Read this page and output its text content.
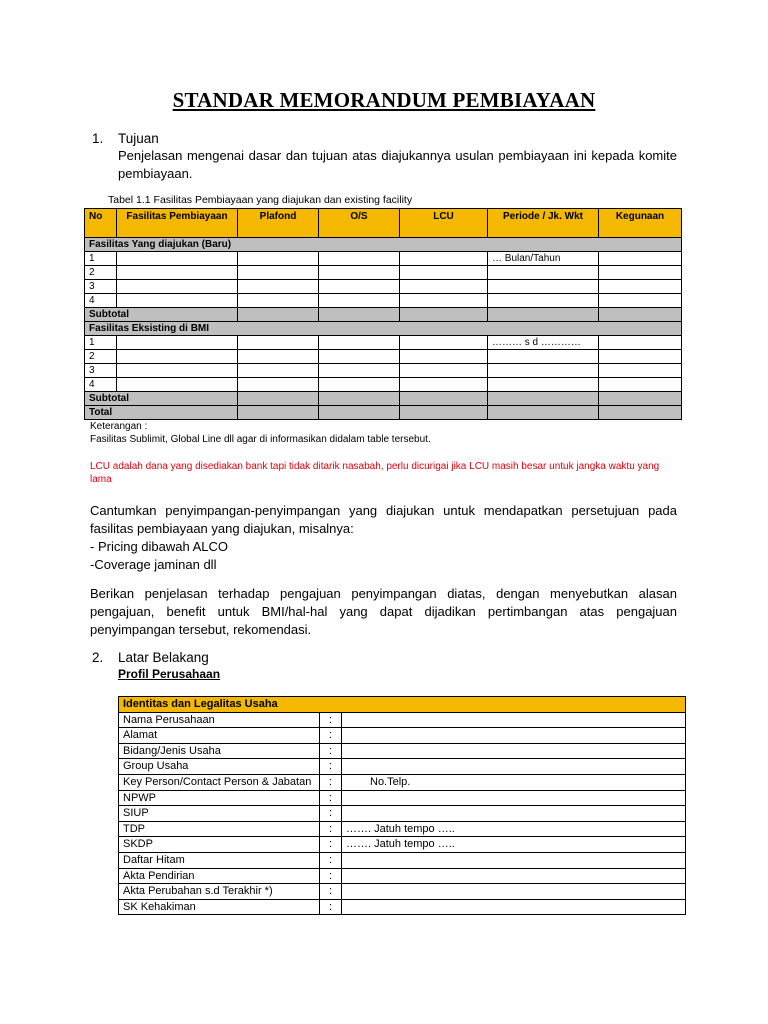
STANDAR MEMORANDUM PEMBIAYAAN
1. Tujuan
Penjelasan mengenai dasar dan tujuan atas diajukannya usulan pembiayaan ini kepada komite pembiayaan.
Tabel 1.1 Fasilitas Pembiayaan yang diajukan dan existing facility
No	Fasilitas Pembiayaan	Plafond	O/S	LCU	Periode / Jk. Wkt	Kegunaan
Fasilitas Yang diajukan (Baru)						
1					… Bulan/Tahun	
2						
3						
4						
Subtotal						
Fasilitas Eksisting di BMI						
1					……… s d …………	
2						
3						
4						
Subtotal						
Total						
Keterangan :
Fasilitas Sublimit, Global Line dll agar di informasikan didalam table tersebut.
LCU adalah dana yang disediakan bank tapi tidak ditarik nasabah, perlu dicurigai jika LCU masih besar untuk jangka waktu yang lama
Cantumkan penyimpangan-penyimpangan yang diajukan untuk mendapatkan persetujuan pada fasilitas pembiayaan yang diajukan, misalnya:
- Pricing dibawah ALCO
-Coverage jaminan dll
Berikan penjelasan terhadap pengajuan penyimpangan diatas, dengan menyebutkan alasan pengajuan, benefit untuk BMI/hal-hal yang dapat dijadikan pertimbangan atas pengajuan penyimpangan tersebut, rekomendasi.
2. Latar Belakang
Profil Perusahaan
Identitas dan Legalitas Usaha		
Nama Perusahaan	:	
Alamat	:	
Bidang/Jenis Usaha	:	
Group Usaha	:	
Key Person/Contact Person & Jabatan	:	No.Telp.
NPWP	:	
SIUP	:	
TDP	:	……. Jatuh tempo …..
SKDP	:	……. Jatuh tempo …..
Daftar Hitam	:	
Akta Pendirian	:	
Akta Perubahan s.d Terakhir *)	:	
SK Kehakiman	:	
